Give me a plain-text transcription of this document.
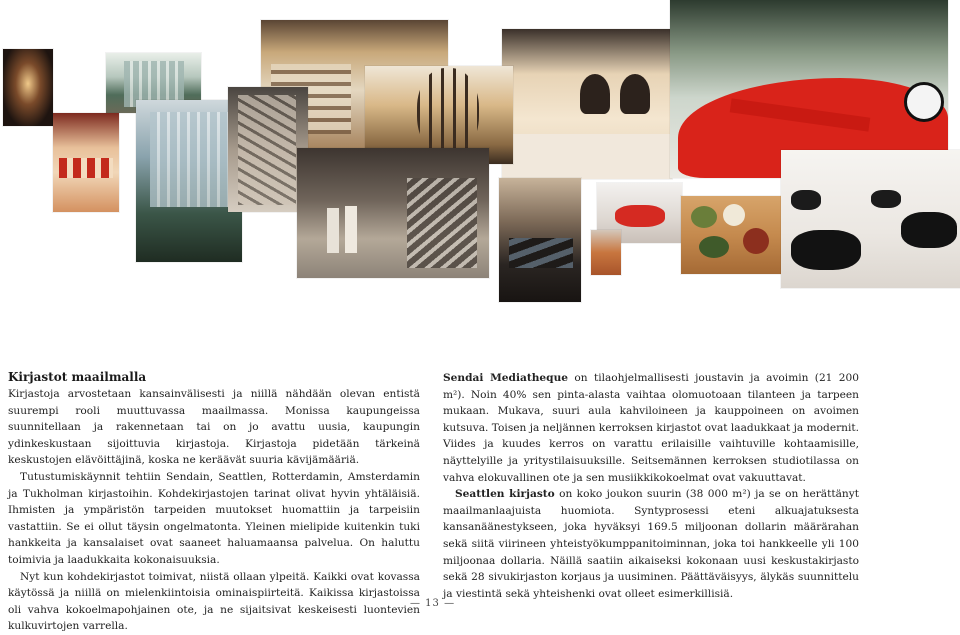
Kirjastot maailmalla

Kirjastoja arvostetaan kansainvälisesti ja niillä nähdään olevan entistä suurempi rooli muuttuvassa maailmassa. Monissa kaupungeissa suunnitellaan ja rakennetaan tai on jo avattu uusia, kaupungin ydinkeskustaan sijoittuvia kirjastoja. Kirjastoja pidetään tärkeinä keskustojen elävöittäjinä, koska ne keräävät suuria kävijämääriä.

Tutustumiskäynnit tehtiin Sendain, Seattlen, Rotterdamin, Amsterdamin ja Tukholman kirjastoihin. Kohdekirjastojen tarinat olivat hyvin yhtäläisiä. Ihmisten ja ympäristön tarpeiden muutokset huomattiin ja tarpeisiin vastattiin. Se ei ollut täysin ongelmatonta. Yleinen mielipide kuitenkin tuki hankkeita ja kansalaiset ovat saaneet haluamaansa palvelua. On haluttu toimivia ja laadukkaita kokonaisuuksia.

Nyt kun kohdekirjastot toimivat, niistä ollaan ylpeitä. Kaikki ovat kovassa käytössä ja niillä on mielenkiintoisia ominaispiirteitä. Kaikissa kirjastoissa oli vahva kokoelmapohjainen ote, ja ne sijaitsivat keskeisesti luontevien kulkuvirtojen varrella.

Sendai Mediatheque on tilaohjelmallisesti joustavin ja avoimin (21 200 m²). Noin 40% sen pinta-alasta vaihtaa olomuotoaan tilanteen ja tarpeen mukaan. Mukava, suuri aula kahviloineen ja kauppoineen on avoimen kutsuva. Toisen ja neljännen kerroksen kirjastot ovat laadukkaat ja modernit. Viides ja kuudes kerros on varattu erilaisille vaihtuville kohtaamisille, näyttelyille ja yritystilaisuuksille. Seitsemännen kerroksen studiotilassa on vahva elokuvallinen ote ja sen musiikkikokoelmat ovat vakuuttavat.

Seattlen kirjasto on koko joukon suurin (38 000 m²) ja se on herättänyt maailmanlaajuista huomiota. Syntyprosessi eteni alkuajatuksesta kansanäänestykseen, joka hyväksyi 169.5 miljoonan dollarin määrärahan sekä siitä viirineen yhteistyökumppanitoiminnan, joka toi hankkeelle yli 100 miljoonaa dollaria. Näillä saatiin aikaiseksi kokonaan uusi keskustakirjasto sekä 28 sivukirjaston korjaus ja uusiminen. Päättäväisyys, älykäs suunnittelu ja viestintä sekä yhteishenki ovat olleet esimerkillisiä.

— 13 —
